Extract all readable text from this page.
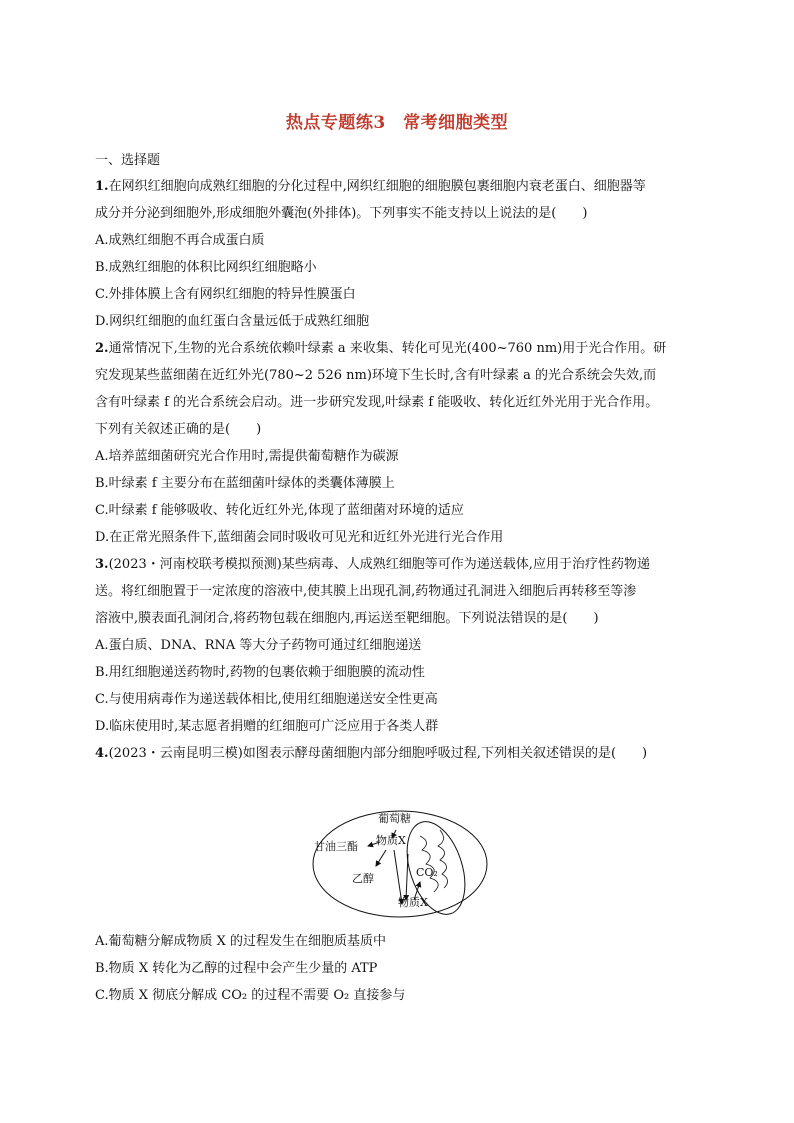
热点专题练3　常考细胞类型
一、选择题
1.在网织红细胞向成熟红细胞的分化过程中,网织红细胞的细胞膜包裹细胞内衰老蛋白、细胞器等
成分并分泌到细胞外,形成细胞外囊泡(外排体)。下列事实不能支持以上说法的是(　　)
A.成熟红细胞不再合成蛋白质
B.成熟红细胞的体积比网织红细胞略小
C.外排体膜上含有网织红细胞的特异性膜蛋白
D.网织红细胞的血红蛋白含量远低于成熟红细胞
2.通常情况下,生物的光合系统依赖叶绿素 a 来收集、转化可见光(400~760 nm)用于光合作用。研
究发现某些蓝细菌在近红外光(780~2 526 nm)环境下生长时,含有叶绿素 a 的光合系统会失效,而
含有叶绿素 f 的光合系统会启动。进一步研究发现,叶绿素 f 能吸收、转化近红外光用于光合作用。
下列有关叙述正确的是(　　)
A.培养蓝细菌研究光合作用时,需提供葡萄糖作为碳源
B.叶绿素 f 主要分布在蓝细菌叶绿体的类囊体薄膜上
C.叶绿素 f 能够吸收、转化近红外光,体现了蓝细菌对环境的适应
D.在正常光照条件下,蓝细菌会同时吸收可见光和近红外光进行光合作用
3.(2023・河南校联考模拟预测)某些病毒、人成熟红细胞等可作为递送载体,应用于治疗性药物递
送。将红细胞置于一定浓度的溶液中,使其膜上出现孔洞,药物通过孔洞进入细胞后再转移至等渗
溶液中,膜表面孔洞闭合,将药物包载在细胞内,再运送至靶细胞。下列说法错误的是(　　)
A.蛋白质、DNA、RNA 等大分子药物可通过红细胞递送
B.用红细胞递送药物时,药物的包裹依赖于细胞膜的流动性
C.与使用病毒作为递送载体相比,使用红细胞递送安全性更高
D.临床使用时,某志愿者捐赠的红细胞可广泛应用于各类人群
4.(2023・云南昆明三模)如图表示酵母菌细胞内部分细胞呼吸过程,下列相关叙述错误的是(　　)
葡萄糖
物质X
甘油三酯
乙醇	CO₂
物质X
A.葡萄糖分解成物质 X 的过程发生在细胞质基质中
B.物质 X 转化为乙醇的过程中会产生少量的 ATP
C.物质 X 彻底分解成 CO₂ 的过程不需要 O₂ 直接参与
